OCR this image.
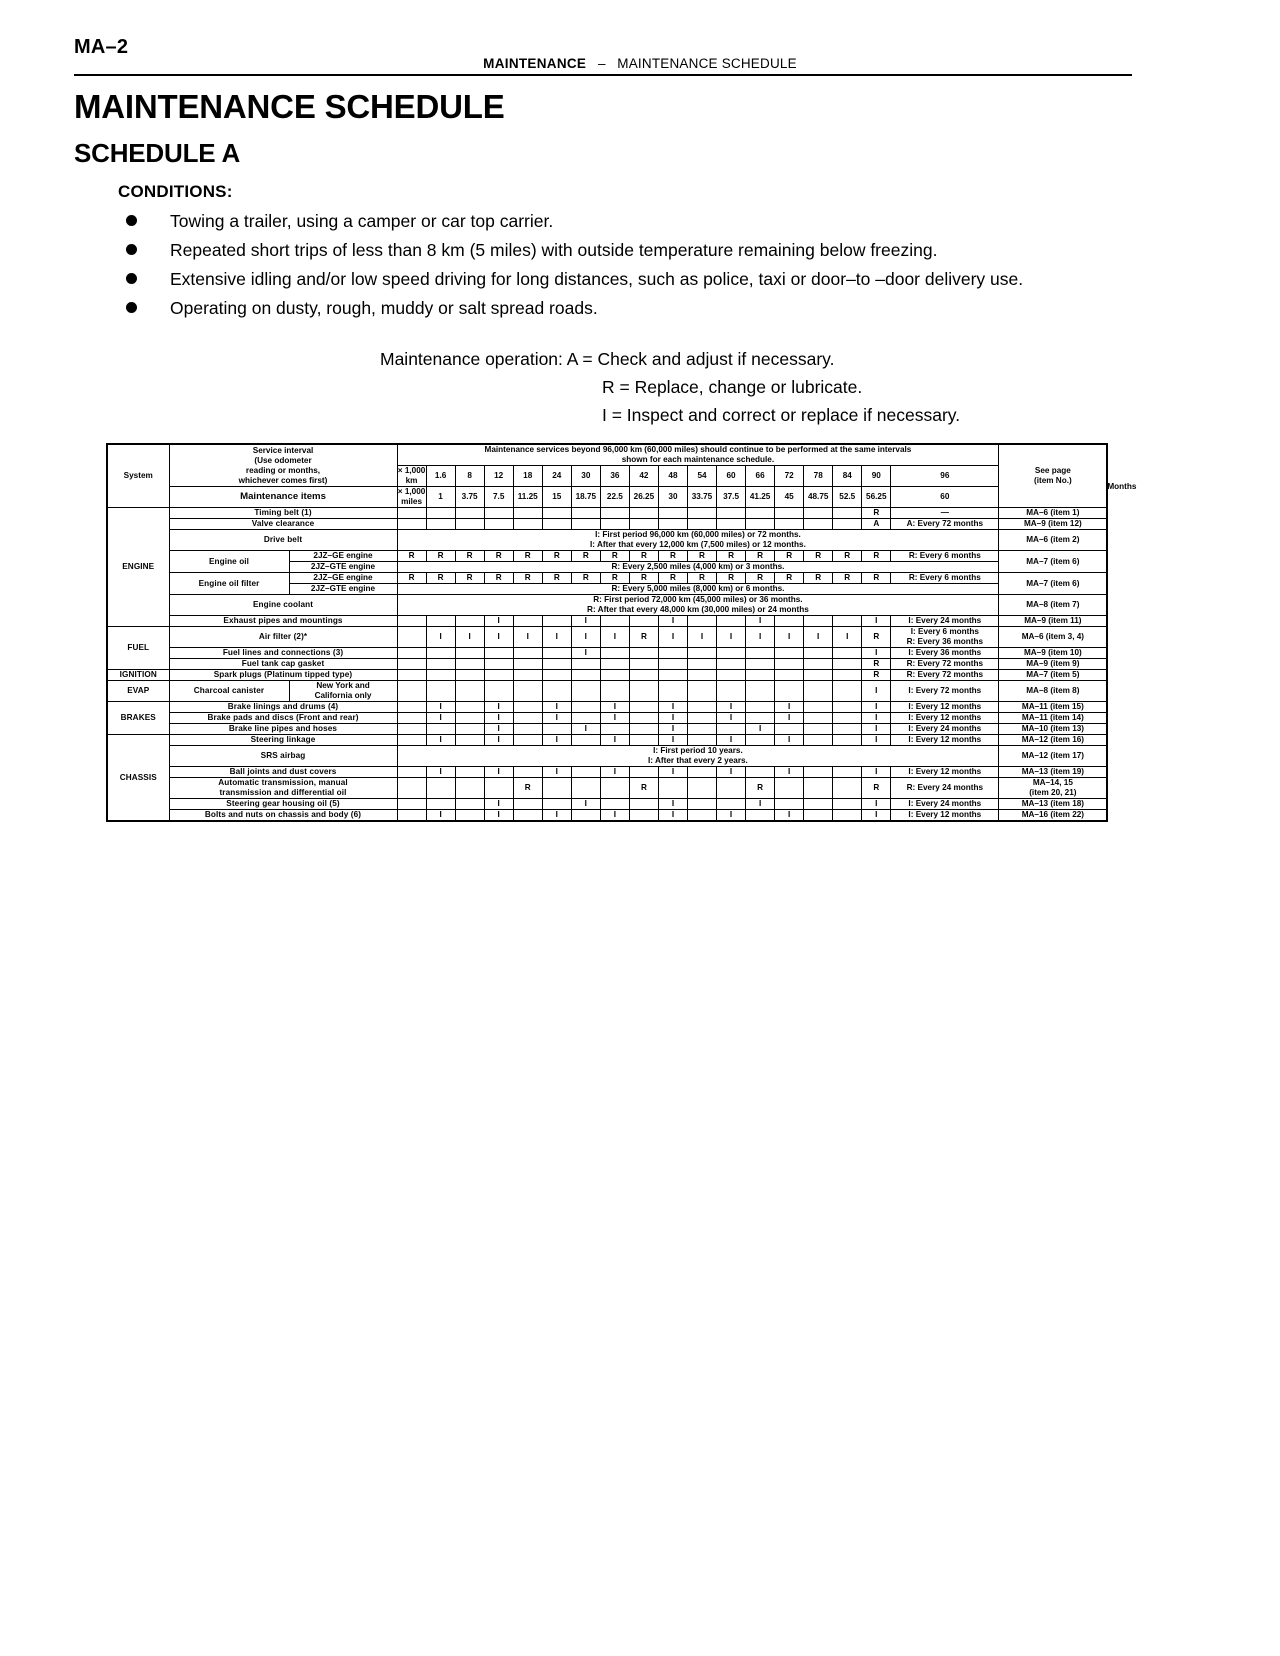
MA–2
MAINTENANCE – MAINTENANCE SCHEDULE
MAINTENANCE SCHEDULE
SCHEDULE A
CONDITIONS:
Towing a trailer, using a camper or car top carrier.
Repeated short trips of less than 8 km (5 miles) with outside temperature remaining below freezing.
Extensive idling and/or low speed driving for long distances, such as police, taxi or door–to –door delivery use.
Operating on dusty, rough, muddy or salt spread roads.
Maintenance operation: A = Check and adjust if necessary.
R = Replace, change or lubricate.
I = Inspect and correct or replace if necessary.
System	Service interval
(Use odometer
reading or months,
whichever comes first)		Maintenance services beyond 96,000 km (60,000 miles) should continue to be performed at the same intervals
shown for each maintenance schedule.																		See page
(item No.)	
			× 1,000 km	1.6	8	12	18	24	30	36	42	48	54	60	66	72	78	84	90	96		Months
	Maintenance items		× 1,000 miles	1	3.75	7.5	11.25	15	18.75	22.5	26.25	30	33.75	37.5	41.25	45	48.75	52.5	56.25	60		
ENGINE	Timing belt (1)																		R	—	MA–6 (item 1)	
	Valve clearance																		A	A: Every 72 months	MA–9 (item 12)	
	Drive belt		I: First period 96,000 km (60,000 miles) or 72 months.
I: After that every 12,000 km (7,500 miles) or 12 months.																		MA–6 (item 2)	
	Engine oil	2JZ–GE engine	R	R	R	R	R	R	R	R	R	R	R	R	R	R	R	R	R	R: Every 6 months	MA–7 (item 6)	
		2JZ–GTE engine	R: Every 2,500 miles (4,000 km) or 3 months.																			
	Engine oil filter	2JZ–GE engine	R	R	R	R	R	R	R	R	R	R	R	R	R	R	R	R	R	R: Every 6 months	MA–7 (item 6)	
		2JZ–GTE engine	R: Every 5,000 miles (8,000 km) or 6 months.																			
	Engine coolant		R: First period 72,000 km (45,000 miles) or 36 months.
R: After that every 48,000 km (30,000 miles) or 24 months																		MA–8 (item 7)	
	Exhaust pipes and mountings					I			I			I			I				I	I: Every 24 months	MA–9 (item 11)	
FUEL	Air filter (2)*			I	I	I	I	I	I	I	R	I	I	I	I	I	I	I	R	I: Every 6 months
R: Every 36 months	MA–6 (item 3, 4)	
	Fuel lines and connections (3)								I										I	I: Every 36 months	MA–9 (item 10)	
	Fuel tank cap gasket																		R	R: Every 72 months	MA–9 (item 9)	
IGNITION	Spark plugs (Platinum tipped type)																		R	R: Every 72 months	MA–7 (item 5)	
EVAP	Charcoal canister	New York and
California only																	I	I: Every 72 months	MA–8 (item 8)	
BRAKES	Brake linings and drums (4)			I		I		I		I		I		I		I			I	I: Every 12 months	MA–11 (item 15)	
	Brake pads and discs (Front and rear)			I		I		I		I		I		I		I			I	I: Every 12 months	MA–11 (item 14)	
	Brake line pipes and hoses					I			I			I			I				I	I: Every 24 months	MA–10 (item 13)	
CHASSIS	Steering linkage			I		I		I		I		I		I		I			I	I: Every 12 months	MA–12 (item 16)	
	SRS airbag		I: First period 10 years.
I: After that every 2 years.																		MA–12 (item 17)	
	Ball joints and dust covers			I		I		I		I		I		I		I			I	I: Every 12 months	MA–13 (item 19)	
	Automatic transmission, manual
transmission and differential oil						R				R				R				R	R: Every 24 months	MA–14, 15
(item 20, 21)	
	Steering gear housing oil (5)					I			I			I			I				I	I: Every 24 months	MA–13 (item 18)	
	Bolts and nuts on chassis and body (6)			I		I		I		I		I		I		I			I	I: Every 12 months	MA–16 (item 22)	
